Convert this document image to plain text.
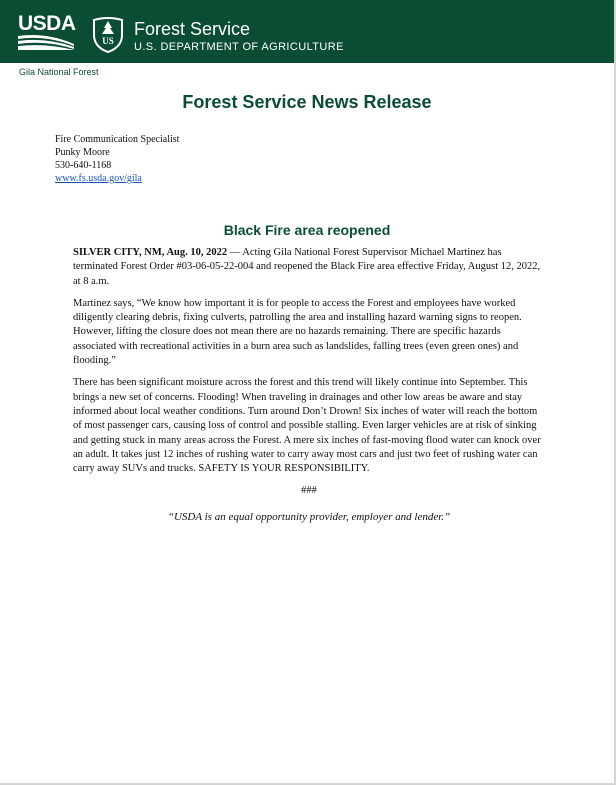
USDA
US
Forest Service
U.S. DEPARTMENT OF AGRICULTURE
Gila National Forest
Forest Service News Release
Fire Communication Specialist
Punky Moore
530-640-1168
www.fs.usda.gov/gila
Black Fire area reopened

SILVER CITY, NM, Aug. 10, 2022 — Acting Gila National Forest Supervisor Michael Martinez has terminated Forest Order #03-06-05-22-004 and reopened the Black Fire area effective Friday, August 12, 2022, at 8 a.m.

Martinez says, “We know how important it is for people to access the Forest and employees have worked diligently clearing debris, fixing culverts, patrolling the area and installing hazard warning signs to reopen. However, lifting the closure does not mean there are no hazards remaining. There are specific hazards associated with recreational activities in a burn area such as landslides, falling trees (even green ones) and flooding.”

There has been significant moisture across the forest and this trend will likely continue into September. This brings a new set of concerns. Flooding! When traveling in drainages and other low areas be aware and stay informed about local weather conditions. Turn around Don’t Drown! Six inches of water will reach the bottom of most passenger cars, causing loss of control and possible stalling. Even larger vehicles are at risk of sinking and getting stuck in many areas across the Forest. A mere six inches of fast-moving flood water can knock over an adult. It takes just 12 inches of rushing water to carry away most cars and just two feet of rushing water can carry away SUVs and trucks. SAFETY IS YOUR RESPONSIBILITY.

###
“USDA is an equal opportunity provider, employer and lender.”
